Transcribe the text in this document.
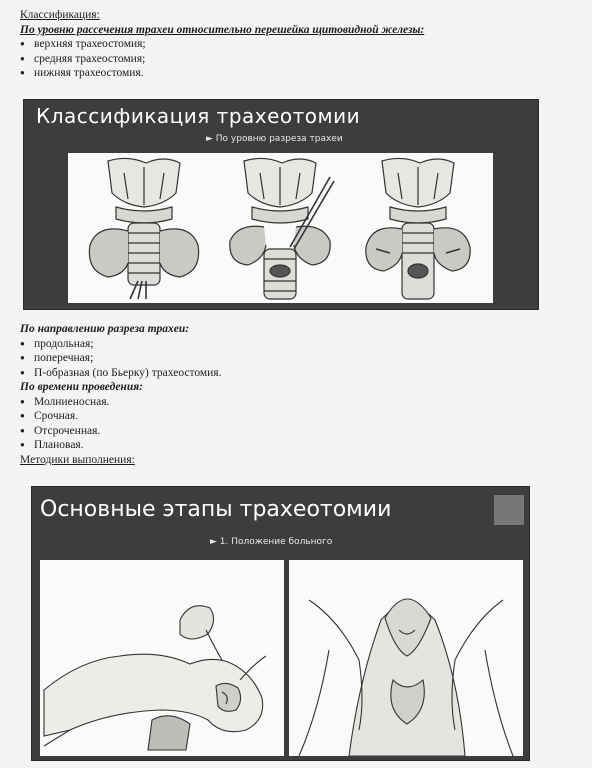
Классификация:
По уровню рассечения трахеи относительно перешейка щитовидной железы:
● верхняя трахеостомия;
● средняя трахеостомия;
● нижняя трахеостомия.
Классификация трахеотомии
► По уровню разреза трахеи
По направлению разреза трахеи:
● продольная;
● поперечная;
● П-образная (по Бьерку) трахеостомия.
По времени проведения:
● Молниеносная.
● Срочная.
● Отсроченная.
● Плановая.
Методики выполнения:
Основные этапы трахеотомии
► 1. Положение больного
